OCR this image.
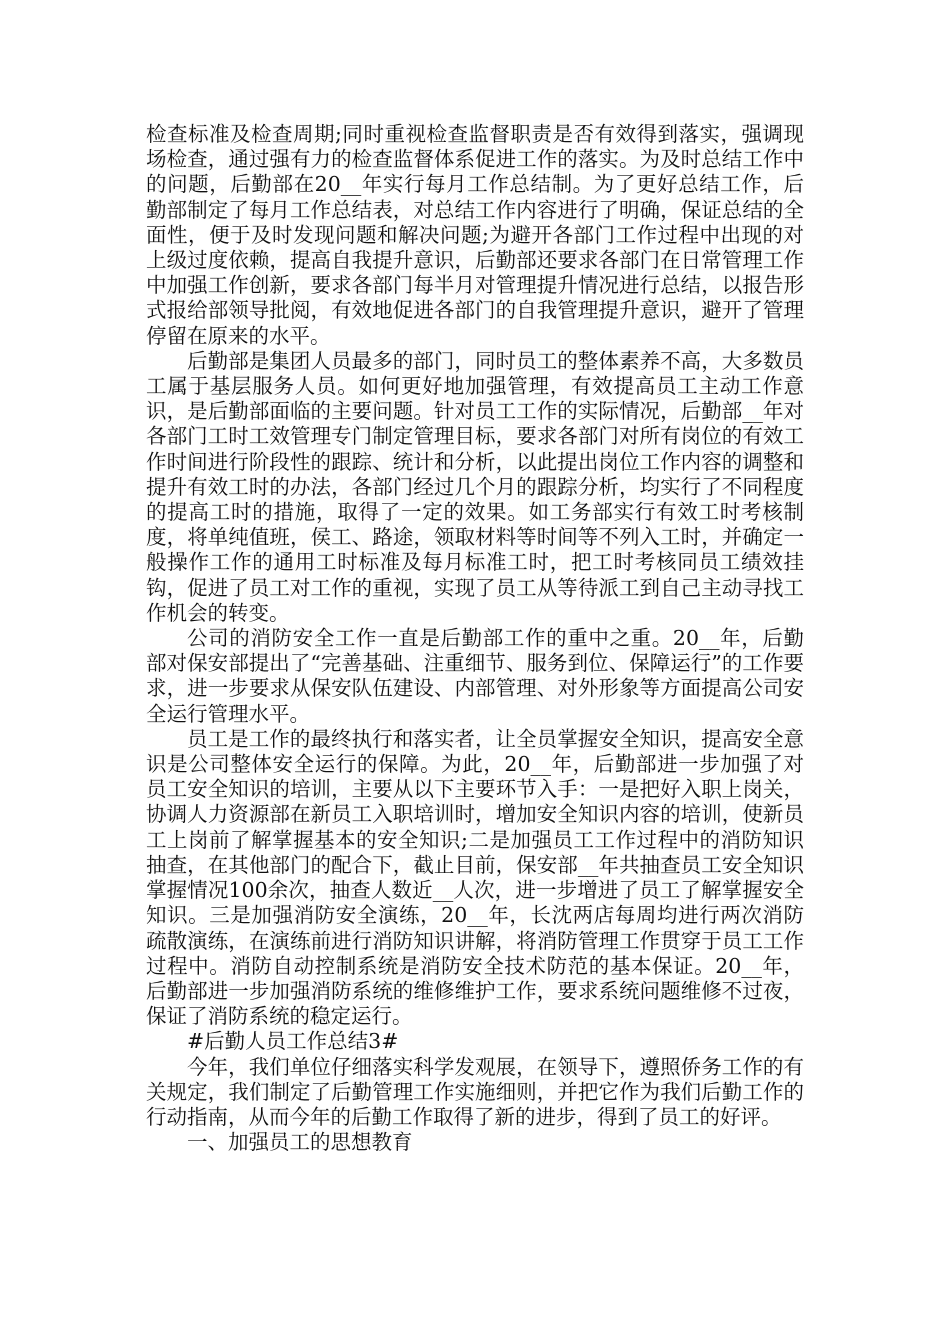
检查标准及检查周期;同时重视检查监督职责是否有效得到落实，强调现场检查，通过强有力的检查监督体系促进工作的落实。为及时总结工作中的问题，后勤部在20__年实行每月工作总结制。为了更好总结工作，后勤部制定了每月工作总结表，对总结工作内容进行了明确，保证总结的全面性，便于及时发现问题和解决问题;为避开各部门工作过程中出现的对上级过度依赖，提高自我提升意识，后勤部还要求各部门在日常管理工作中加强工作创新，要求各部门每半月对管理提升情况进行总结，以报告形式报给部领导批阅，有效地促进各部门的自我管理提升意识，避开了管理停留在原来的水平。

后勤部是集团人员最多的部门，同时员工的整体素养不高，大多数员工属于基层服务人员。如何更好地加强管理，有效提高员工主动工作意识，是后勤部面临的主要问题。针对员工工作的实际情况，后勤部__年对各部门工时工效管理专门制定管理目标，要求各部门对所有岗位的有效工作时间进行阶段性的跟踪、统计和分析，以此提出岗位工作内容的调整和提升有效工时的办法，各部门经过几个月的跟踪分析，均实行了不同程度的提高工时的措施，取得了一定的效果。如工务部实行有效工时考核制度，将单纯值班，侯工、路途，领取材料等时间等不列入工时，并确定一般操作工作的通用工时标准及每月标准工时，把工时考核同员工绩效挂钩，促进了员工对工作的重视，实现了员工从等待派工到自己主动寻找工作机会的转变。

公司的消防安全工作一直是后勤部工作的重中之重。20__年，后勤部对保安部提出了“完善基础、注重细节、服务到位、保障运行”的工作要求，进一步要求从保安队伍建设、内部管理、对外形象等方面提高公司安全运行管理水平。

员工是工作的最终执行和落实者，让全员掌握安全知识，提高安全意识是公司整体安全运行的保障。为此，20__年，后勤部进一步加强了对员工安全知识的培训，主要从以下主要环节入手：一是把好入职上岗关，协调人力资源部在新员工入职培训时，增加安全知识内容的培训，使新员工上岗前了解掌握基本的安全知识;二是加强员工工作过程中的消防知识抽查，在其他部门的配合下，截止目前，保安部__年共抽查员工安全知识掌握情况100余次，抽查人数近__人次，进一步增进了员工了解掌握安全知识。三是加强消防安全演练，20__年，长沈两店每周均进行两次消防疏散演练，在演练前进行消防知识讲解，将消防管理工作贯穿于员工工作过程中。消防自动控制系统是消防安全技术防范的基本保证。20__年，后勤部进一步加强消防系统的维修维护工作，要求系统问题维修不过夜，保证了消防系统的稳定运行。

#后勤人员工作总结3#

今年，我们单位仔细落实科学发观展，在领导下，遵照侨务工作的有关规定，我们制定了后勤管理工作实施细则，并把它作为我们后勤工作的行动指南，从而今年的后勤工作取得了新的进步，得到了员工的好评。

一、加强员工的思想教育
